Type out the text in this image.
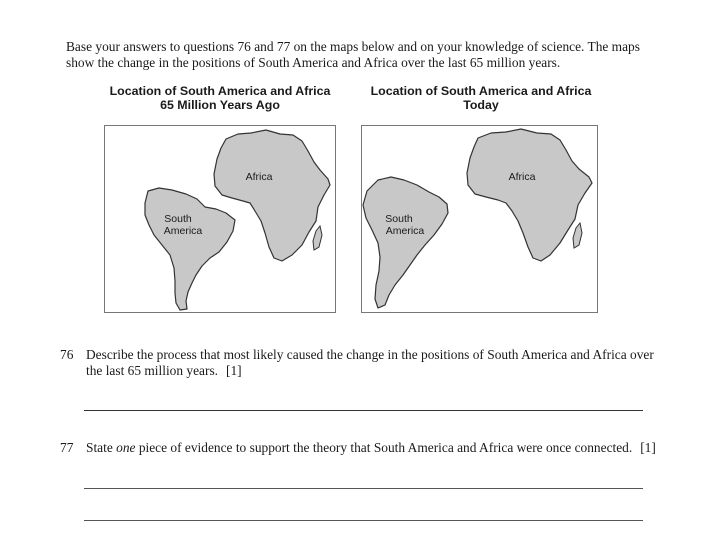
Base your answers to questions 76 and 77 on the maps below and on your knowledge of science. The maps
show the change in the positions of South America and Africa over the last 65 million years.

Location of South America and Africa
65 Million Years Ago
Location of South America and Africa
Today
Africa
South
America
Africa
South
America
76 Describe the process that most likely caused the change in the positions of South America and Africa over
the last 65 million years. [1]
77 State one piece of evidence to support the theory that South America and Africa were once connected. [1]
